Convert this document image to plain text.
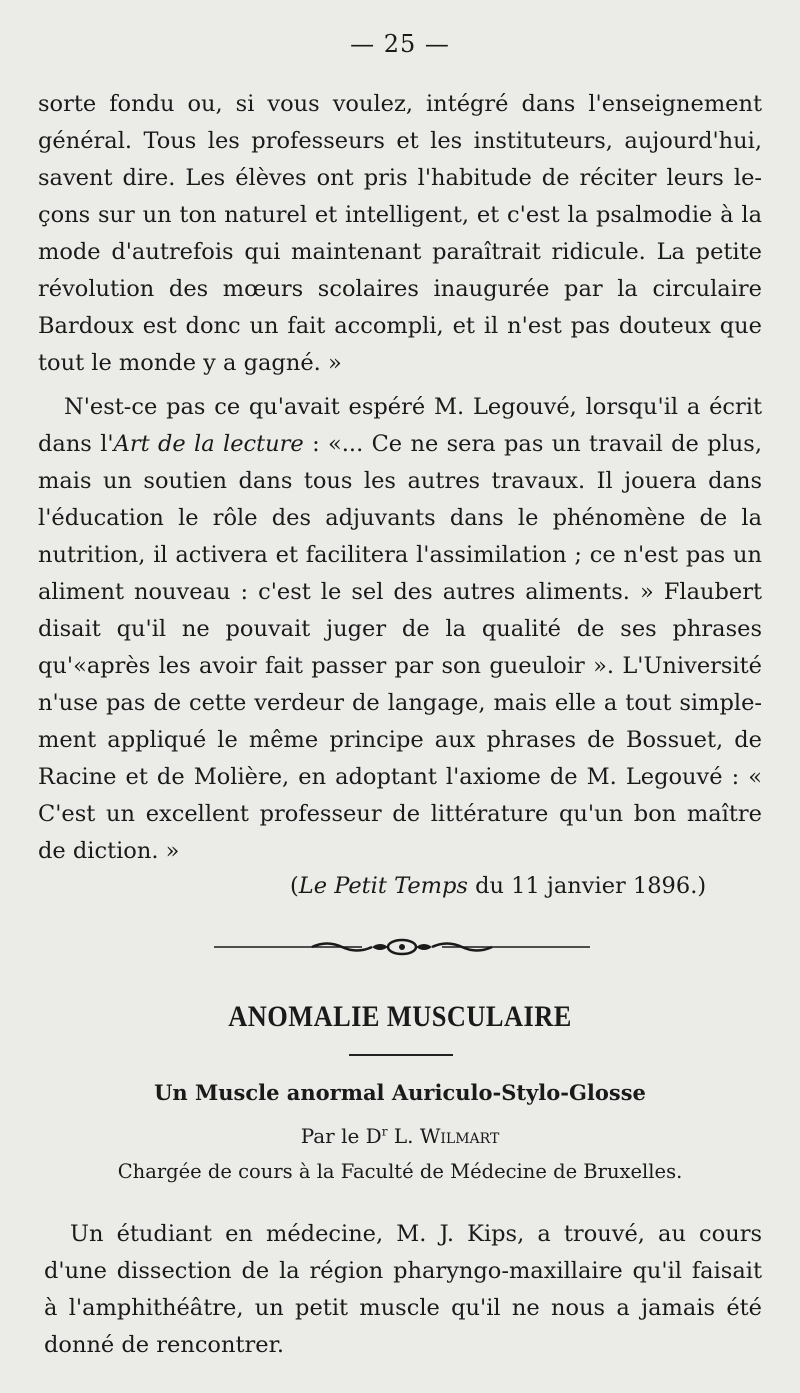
— 25 —
sorte fondu ou, si vous voulez, intégré dans l'enseignement général. Tous les professeurs et les instituteurs, aujourd'hui, savent dire. Les élèves ont pris l'habitude de réciter leurs leçons sur un ton naturel et intelligent, et c'est la psalmodie à la mode d'autrefois qui maintenant paraîtrait ridicule. La petite révolution des mœurs scolaires inaugurée par la circulaire Bardoux est donc un fait accompli, et il n'est pas douteux que tout le monde y a gagné. »
N'est-ce pas ce qu'avait espéré M. Legouvé, lorsqu'il a écrit dans l'Art de la lecture : «... Ce ne sera pas un travail de plus, mais un soutien dans tous les autres travaux. Il jouera dans l'éducation le rôle des adjuvants dans le phénomène de la nutrition, il activera et facilitera l'assimilation ; ce n'est pas un aliment nouveau : c'est le sel des autres aliments. » Flaubert disait qu'il ne pouvait juger de la qualité de ses phrases qu'«après les avoir fait passer par son gueuloir ». L'Université n'use pas de cette verdeur de langage, mais elle a tout simplement appliqué le même principe aux phrases de Bossuet, de Racine et de Molière, en adoptant l'axiome de M. Legouvé : « C'est un excellent professeur de littérature qu'un bon maître de diction. »
(Le Petit Temps du 11 janvier 1896.)
ANOMALIE MUSCULAIRE
Un Muscle anormal Auriculo-Stylo-Glosse
Par le $D^r$ L. Wilmart
Chargée de cours à la Faculté de Médecine de Bruxelles.
Un étudiant en médecine, M. J. Kips, a trouvé, au cours d'une dissection de la région pharyngo-maxillaire qu'il faisait à l'amphithéâtre, un petit muscle qu'il ne nous a jamais été donné de rencontrer.
